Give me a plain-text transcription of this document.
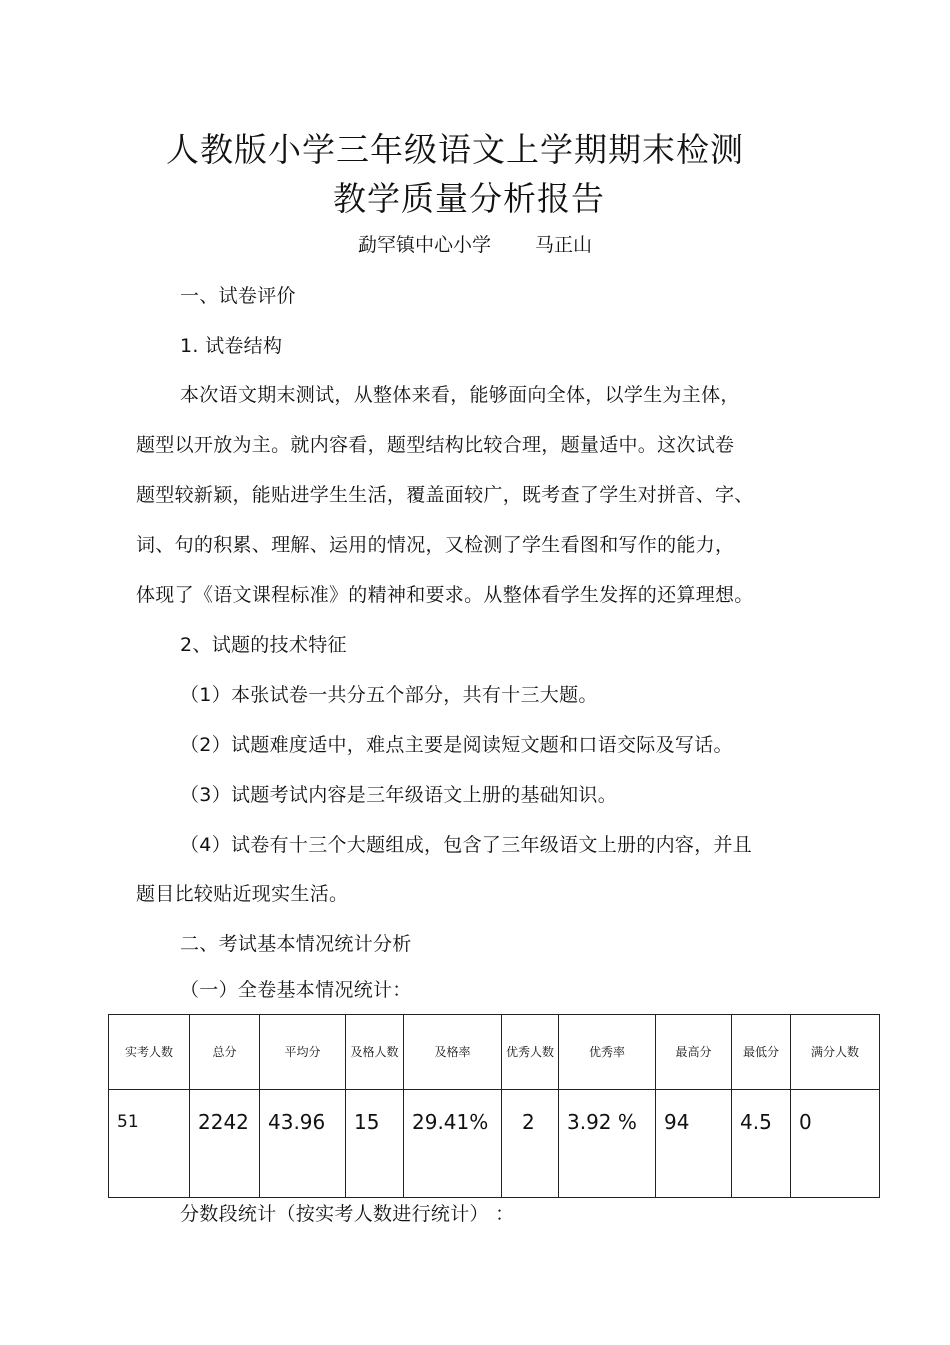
人教版小学三年级语文上学期期末检测
教学质量分析报告
勐罕镇中心小学 马正山
一、试卷评价
1. 试卷结构
本次语文期末测试，从整体来看，能够面向全体，以学生为主体，
题型以开放为主。就内容看，题型结构比较合理，题量适中。这次试卷
题型较新颖，能贴进学生生活，覆盖面较广，既考查了学生对拼音、字、
词、句的积累、理解、运用的情况，又检测了学生看图和写作的能力，
体现了《语文课程标准》的精神和要求。从整体看学生发挥的还算理想。
2、试题的技术特征
（1）本张试卷一共分五个部分，共有十三大题。
（2）试题难度适中，难点主要是阅读短文题和口语交际及写话。
（3）试题考试内容是三年级语文上册的基础知识。
（4）试卷有十三个大题组成，包含了三年级语文上册的内容，并且
题目比较贴近现实生活。
二、考试基本情况统计分析
（一）全卷基本情况统计：
实考人数	总分	平均分	及格人数	及格率	优秀人数	优秀率	最高分	最低分	满分人数
51	2242	43.96	15	29.41%	2	3.92 %	94	4.5	0
分数段统计（按实考人数进行统计） ：
